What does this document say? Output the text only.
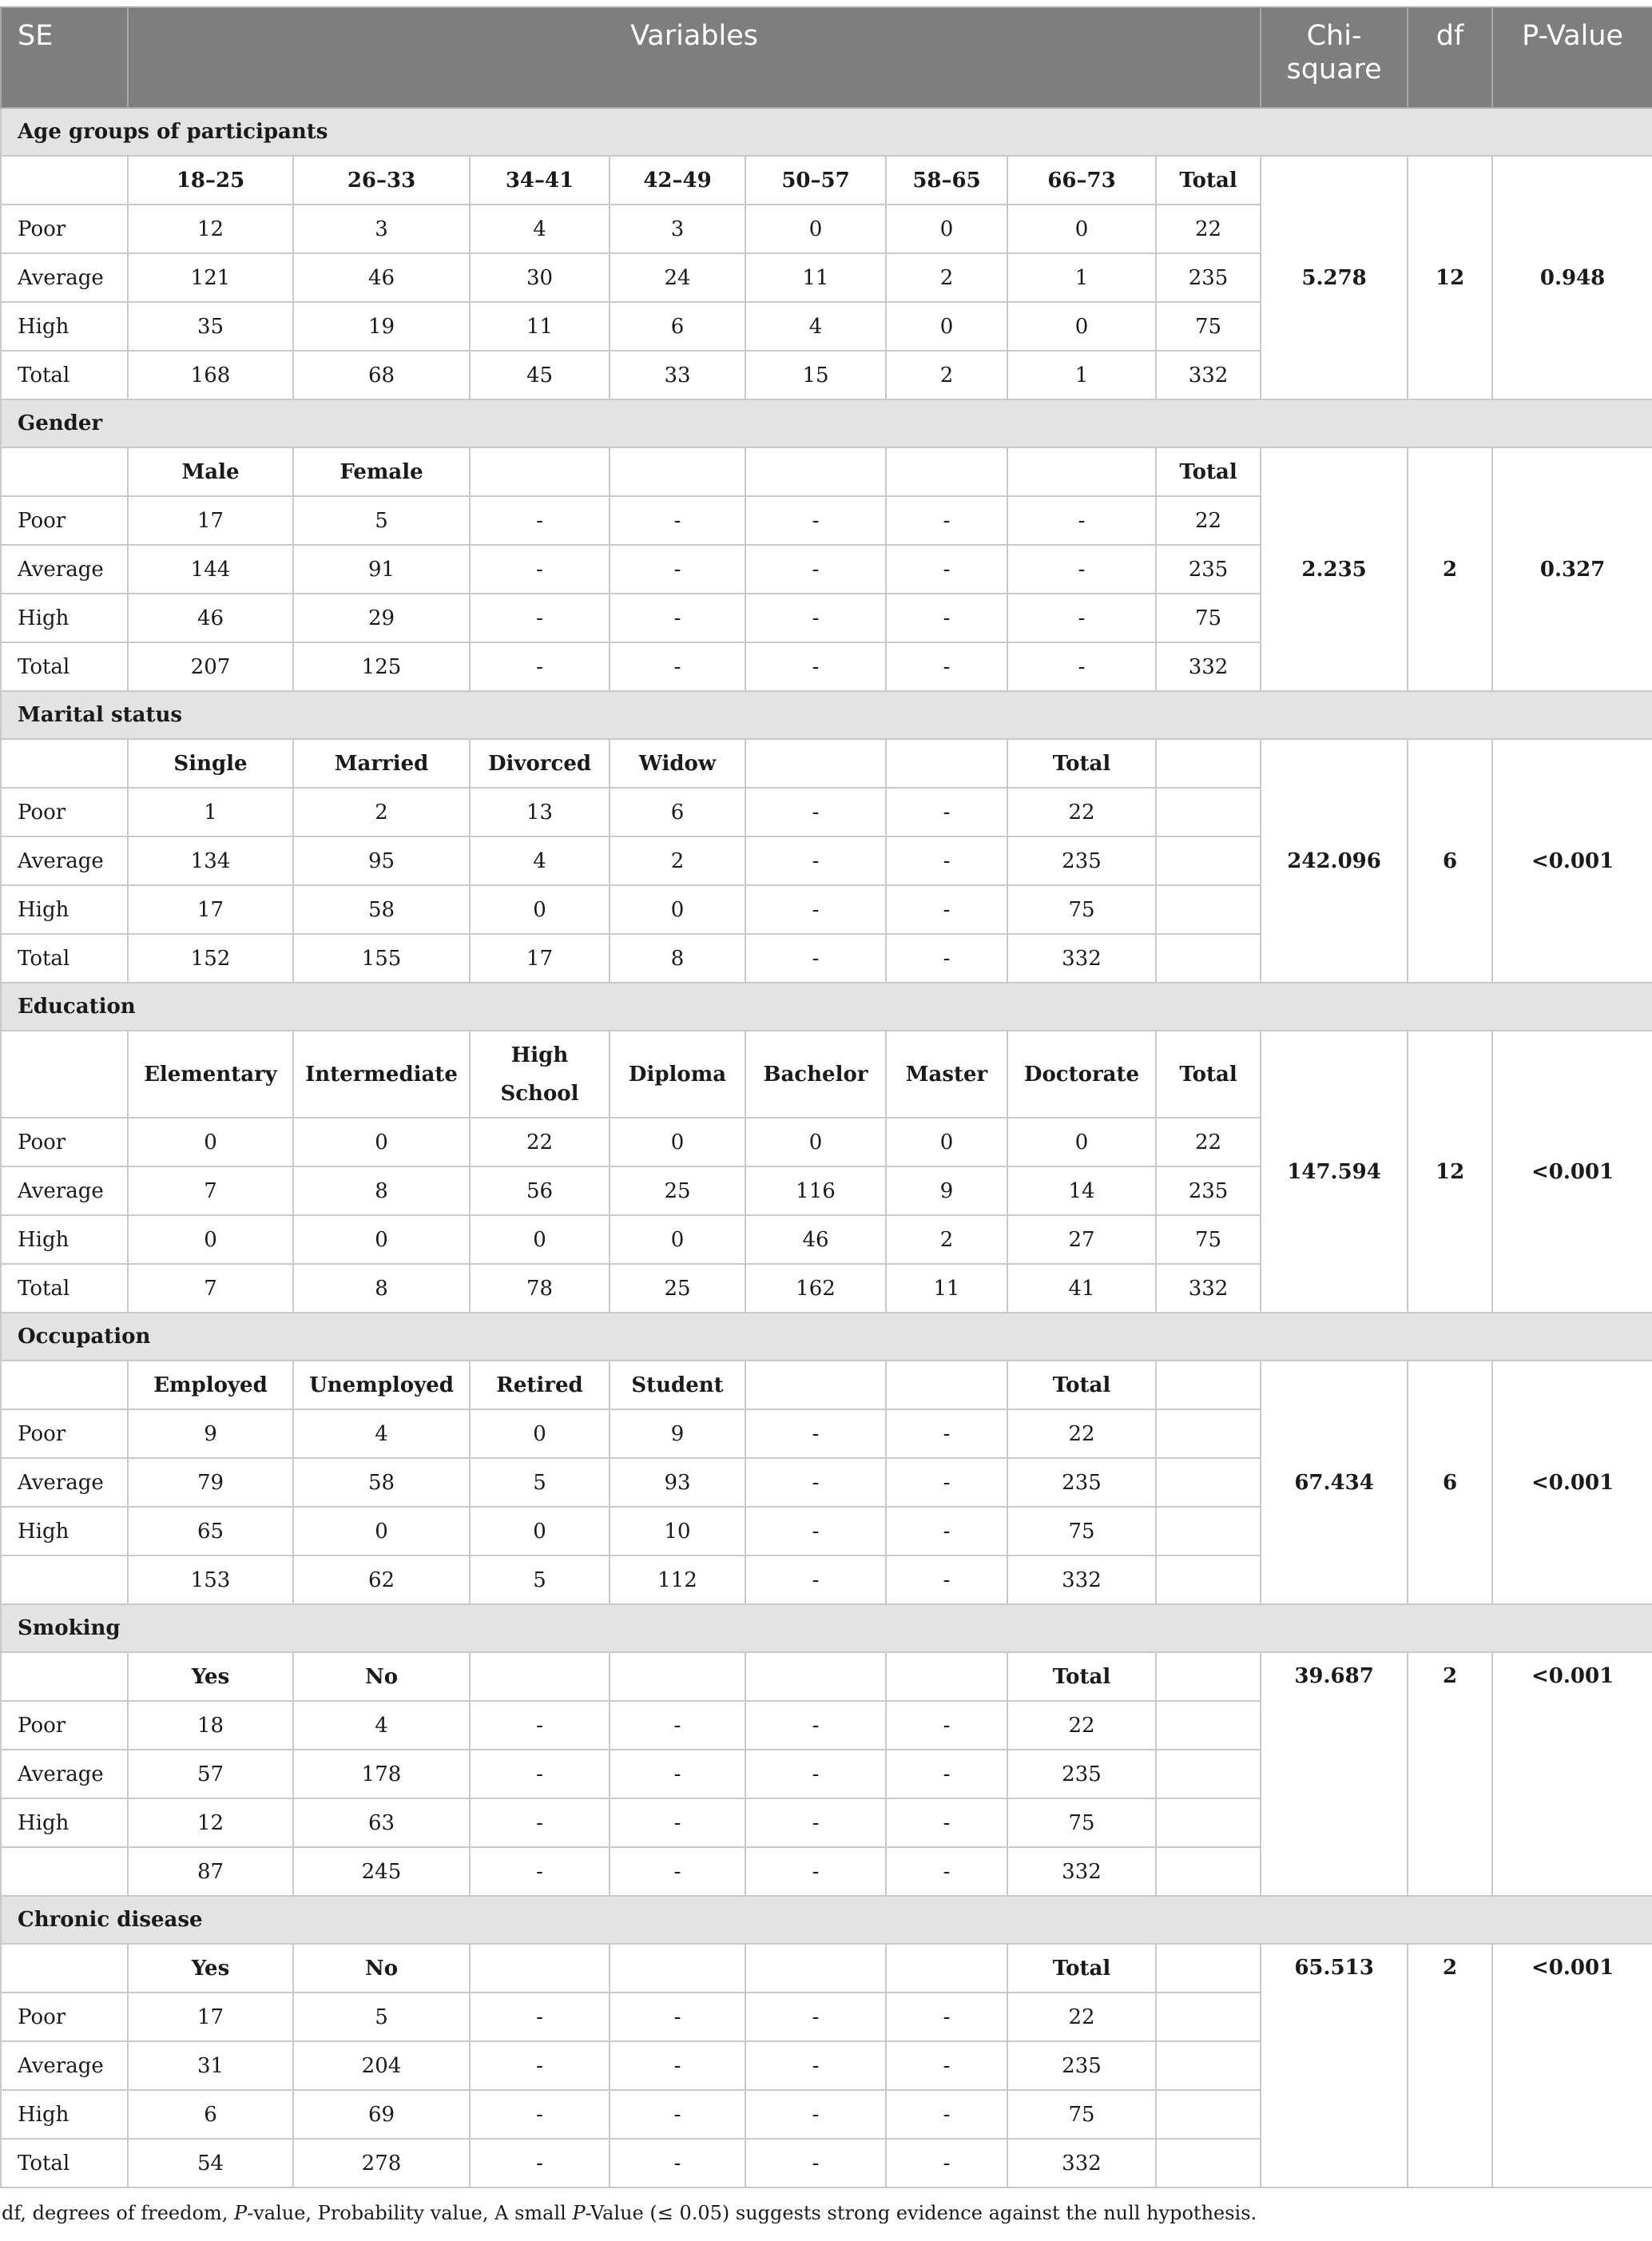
SE	Variables								Chi-square	df	P-Value
Age groups of participants											
	18–25	26–33	34–41	42–49	50–57	58–65	66–73	Total	5.278	12	0.948
Poor	12	3	4	3	0	0	0	22			
Average	121	46	30	24	11	2	1	235			
High	35	19	11	6	4	0	0	75			
Total	168	68	45	33	15	2	1	332			
Gender											
	Male	Female						Total	2.235	2	0.327
Poor	17	5	-	-	-	-	-	22			
Average	144	91	-	-	-	-	-	235			
High	46	29	-	-	-	-	-	75			
Total	207	125	-	-	-	-	-	332			
Marital status											
	Single	Married	Divorced	Widow			Total		242.096	6	<0.001
Poor	1	2	13	6	-	-	22				
Average	134	95	4	2	-	-	235				
High	17	58	0	0	-	-	75				
Total	152	155	17	8	-	-	332				
Education											
	Elementary	Intermediate	High School	Diploma	Bachelor	Master	Doctorate	Total	147.594	12	<0.001
Poor	0	0	22	0	0	0	0	22			
Average	7	8	56	25	116	9	14	235			
High	0	0	0	0	46	2	27	75			
Total	7	8	78	25	162	11	41	332			
Occupation											
	Employed	Unemployed	Retired	Student			Total		67.434	6	<0.001
Poor	9	4	0	9	-	-	22				
Average	79	58	5	93	-	-	235				
High	65	0	0	10	-	-	75				
	153	62	5	112	-	-	332				
Smoking											
	Yes	No					Total		39.687	2	<0.001
Poor	18	4	-	-	-	-	22				
Average	57	178	-	-	-	-	235				
High	12	63	-	-	-	-	75				
	87	245	-	-	-	-	332				
Chronic disease											
	Yes	No					Total		65.513	2	<0.001
Poor	17	5	-	-	-	-	22				
Average	31	204	-	-	-	-	235				
High	6	69	-	-	-	-	75				
Total	54	278	-	-	-	-	332				
df, degrees of freedom, P-value, Probability value, A small P-Value (≤ 0.05) suggests strong evidence against the null hypothesis.
